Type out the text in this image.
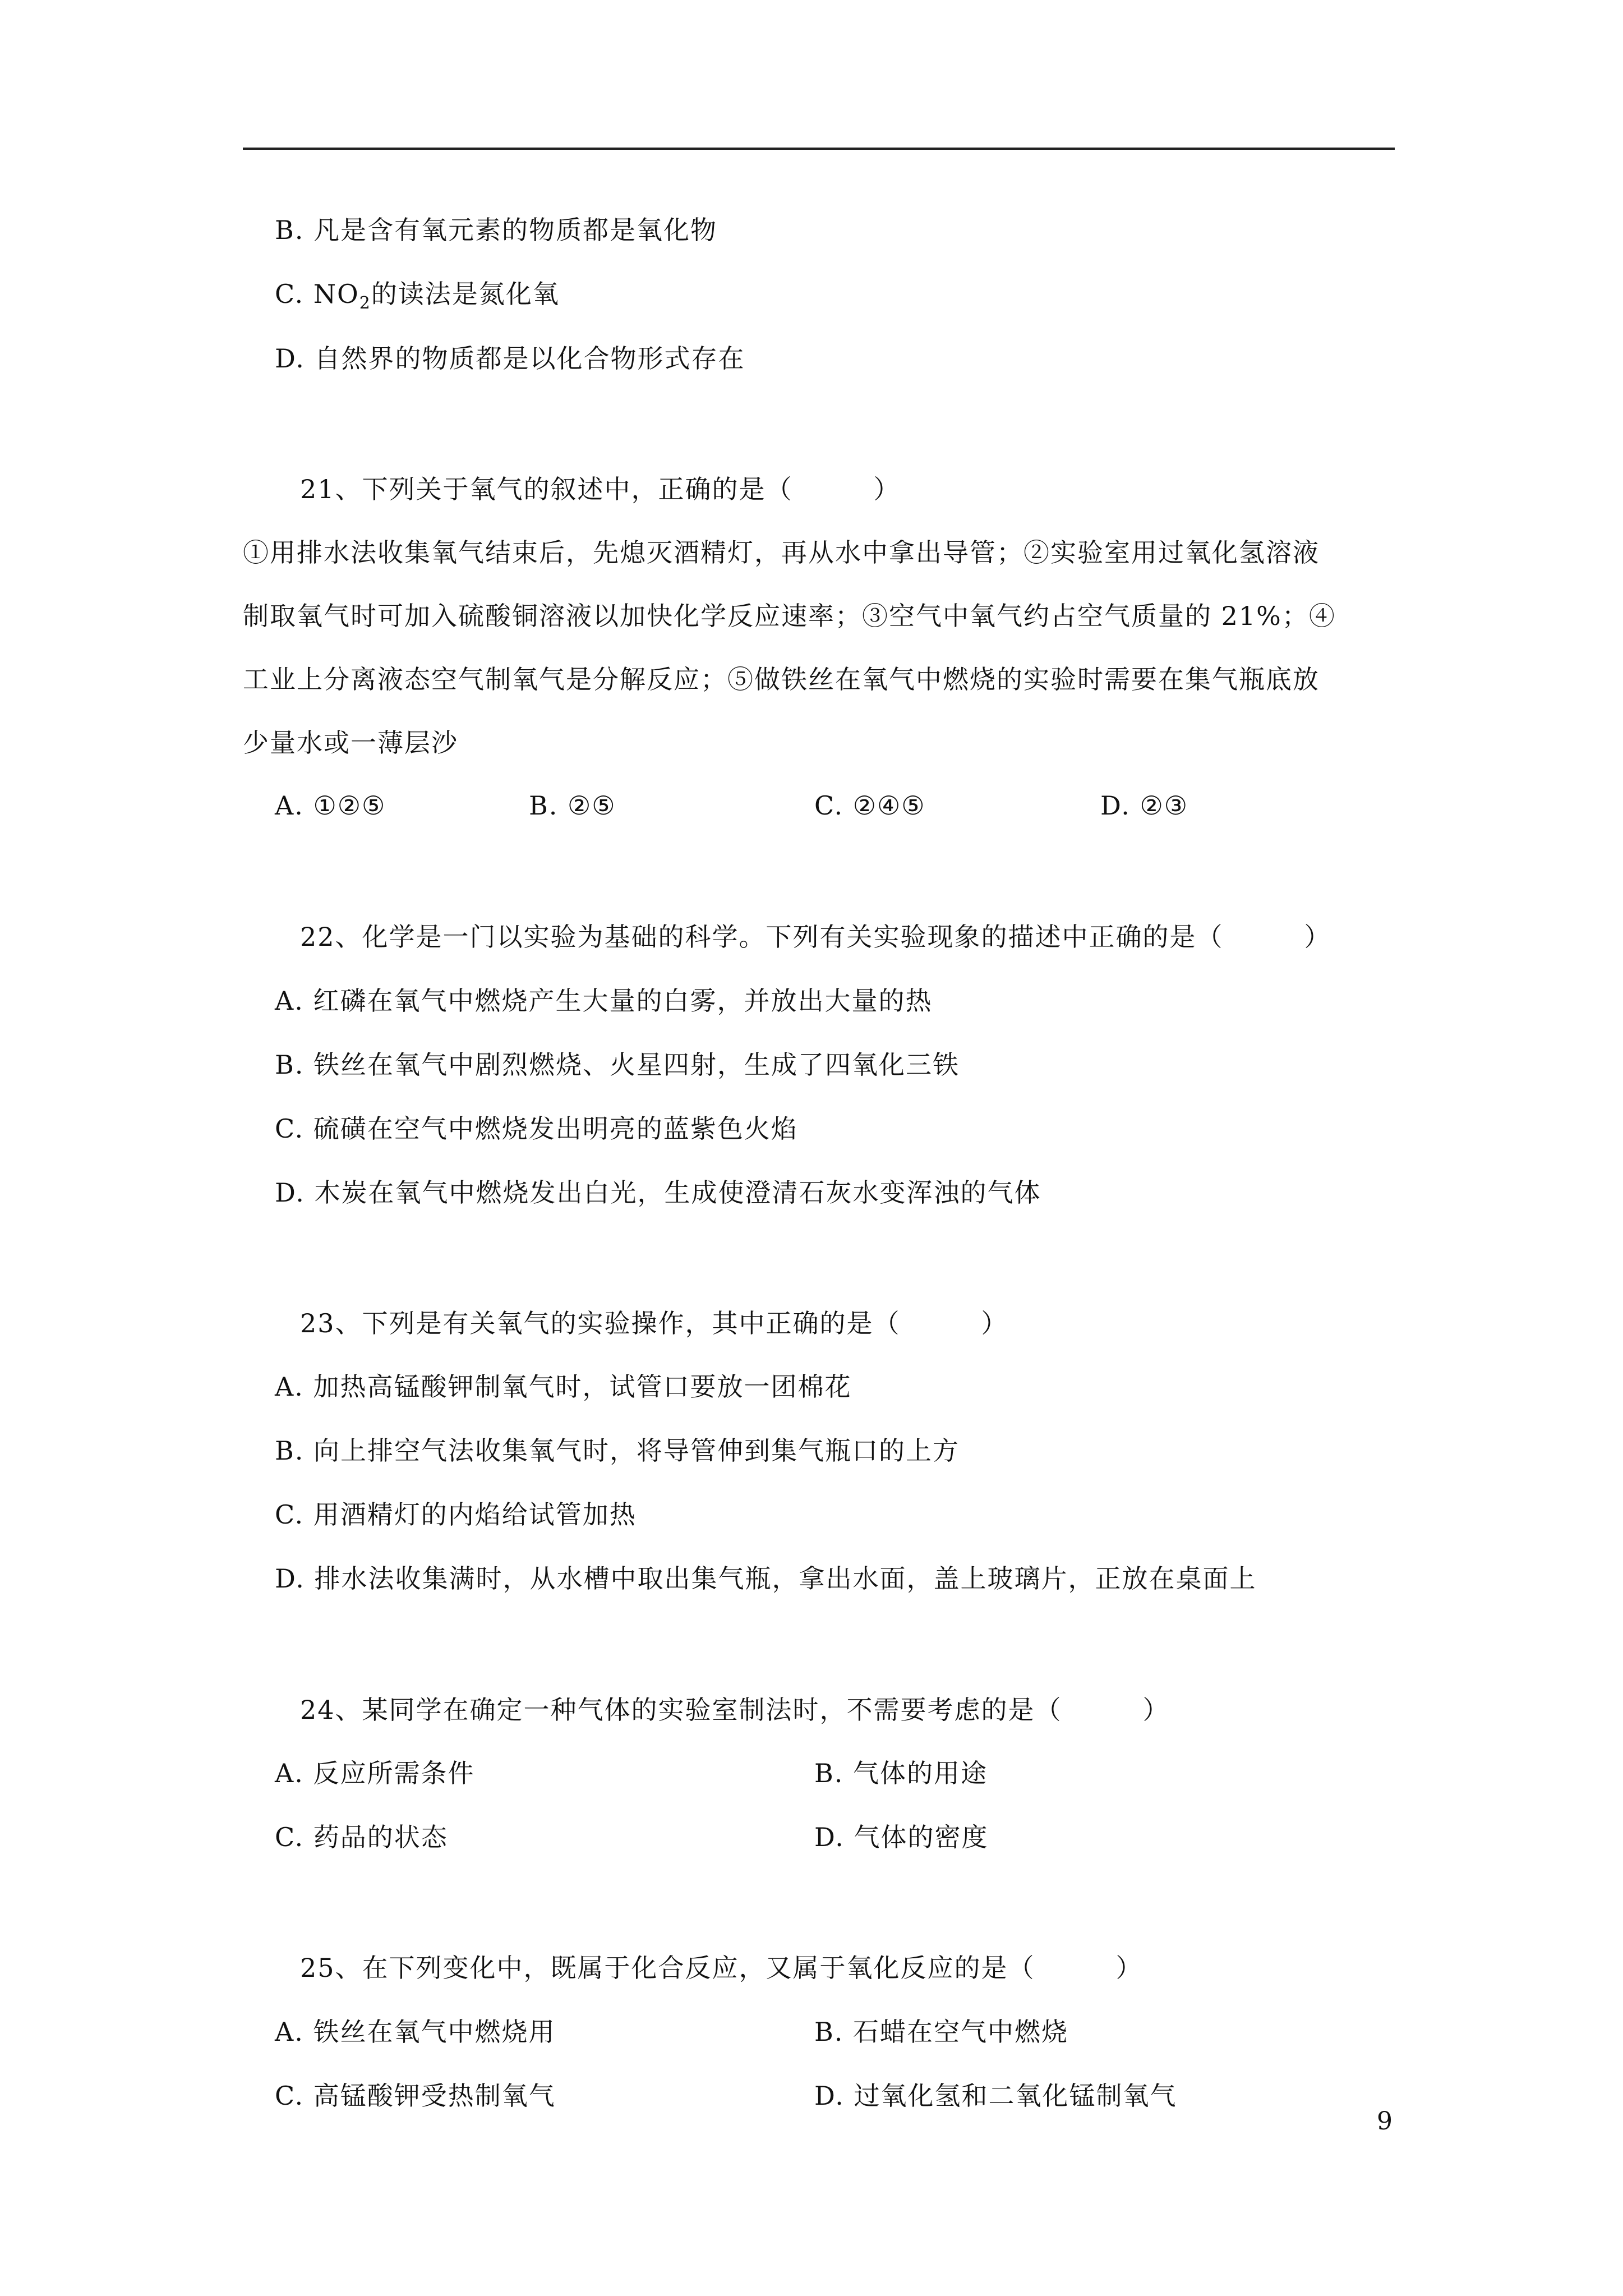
B. 凡是含有氧元素的物质都是氧化物
C. $NO_2$的读法是氮化氧
D. 自然界的物质都是以化合物形式存在
21、下列关于氧气的叙述中，正确的是（　　　）
①用排水法收集氧气结束后，先熄灭酒精灯，再从水中拿出导管；②实验室用过氧化氢溶液
制取氧气时可加入硫酸铜溶液以加快化学反应速率；③空气中氧气约占空气质量的 21%；④
工业上分离液态空气制氧气是分解反应；⑤做铁丝在氧气中燃烧的实验时需要在集气瓶底放
少量水或一薄层沙
A. ①②⑤	B. ②⑤	C. ②④⑤	D. ②③
22、化学是一门以实验为基础的科学。下列有关实验现象的描述中正确的是（　　　）
A. 红磷在氧气中燃烧产生大量的白雾，并放出大量的热
B. 铁丝在氧气中剧烈燃烧、火星四射，生成了四氧化三铁
C. 硫磺在空气中燃烧发出明亮的蓝紫色火焰
D. 木炭在氧气中燃烧发出白光，生成使澄清石灰水变浑浊的气体
23、下列是有关氧气的实验操作，其中正确的是（　　　）
A. 加热高锰酸钾制氧气时，试管口要放一团棉花
B. 向上排空气法收集氧气时，将导管伸到集气瓶口的上方
C. 用酒精灯的内焰给试管加热
D. 排水法收集满时，从水槽中取出集气瓶，拿出水面，盖上玻璃片，正放在桌面上
24、某同学在确定一种气体的实验室制法时，不需要考虑的是（　　　）
A. 反应所需条件	B. 气体的用途
C. 药品的状态	D. 气体的密度
25、在下列变化中，既属于化合反应，又属于氧化反应的是（　　　）
A. 铁丝在氧气中燃烧用	B. 石蜡在空气中燃烧
C. 高锰酸钾受热制氧气	D. 过氧化氢和二氧化锰制氧气
9
